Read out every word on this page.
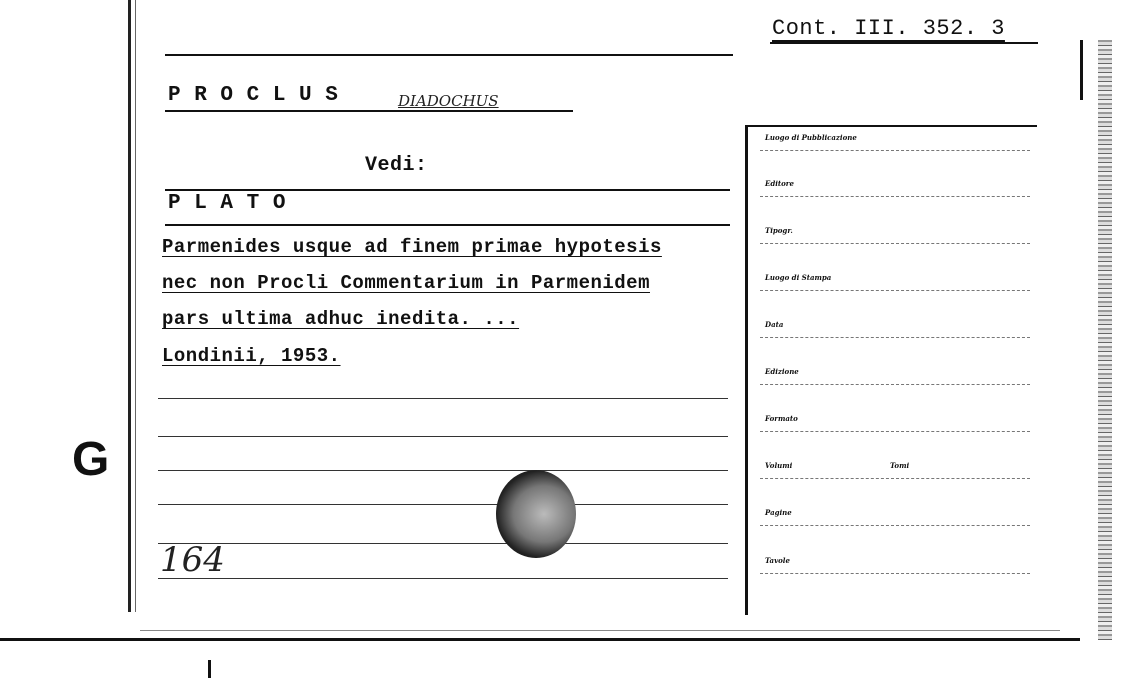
G
Cont. III. 352. 3
P R O C L U S	DIADOCHUS
Vedi:
P L A T O
Parmenides usque ad finem primae hypotesis
nec non Procli Commentarium in Parmenidem
pars ultima adhuc inedita. ...
Londinii, 1953.
164
Luogo di Pubblicazione
Editore
Tipogr.
Luogo di Stampa
Data
Edizione
Formato
Volumi	Tomi
Pagine
Tavole
